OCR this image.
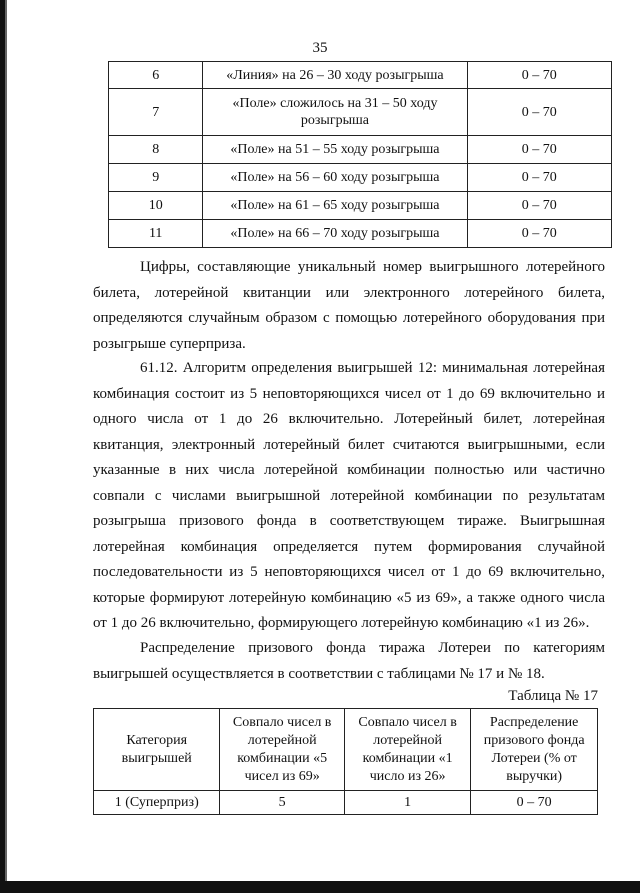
35
6	«Линия» на 26 – 30 ходу розыгрыша	0 – 70
7	«Поле» сложилось на 31 – 50 ходу розыгрыша	0 – 70
8	«Поле» на 51 – 55 ходу розыгрыша	0 – 70
9	«Поле» на 56 – 60 ходу розыгрыша	0 – 70
10	«Поле» на 61 – 65 ходу розыгрыша	0 – 70
11	«Поле» на 66 – 70 ходу розыгрыша	0 – 70

Цифры, составляющие уникальный номер выигрышного лотерейного билета, лотерейной квитанции или электронного лотерейного билета, определяются случайным образом с помощью лотерейного оборудования при розыгрыше суперприза.

61.12. Алгоритм определения выигрышей 12: минимальная лотерейная комбинация состоит из 5 неповторяющихся чисел от 1 до 69 включительно и одного числа от 1 до 26 включительно. Лотерейный билет, лотерейная квитанция, электронный лотерейный билет считаются выигрышными, если указанные в них числа лотерейной комбинации полностью или частично совпали с числами выигрышной лотерейной комбинации по результатам розыгрыша призового фонда в соответствующем тираже. Выигрышная лотерейная комбинация определяется путем формирования случайной последовательности из 5 неповторяющихся чисел от 1 до 69 включительно, которые формируют лотерейную комбинацию «5 из 69», а также одного числа от 1 до 26 включительно, формирующего лотерейную комбинацию «1 из 26».

Распределение призового фонда тиража Лотереи по категориям выигрышей осуществляется в соответствии с таблицами № 17 и № 18.

Таблица № 17
Категория выигрышей	Совпало чисел в лотерейной комбинации «5 чисел из 69»	Совпало чисел в лотерейной комбинации «1 число из 26»	Распределение призового фонда Лотереи (% от выручки)
1 (Суперприз)	5	1	0 – 70
